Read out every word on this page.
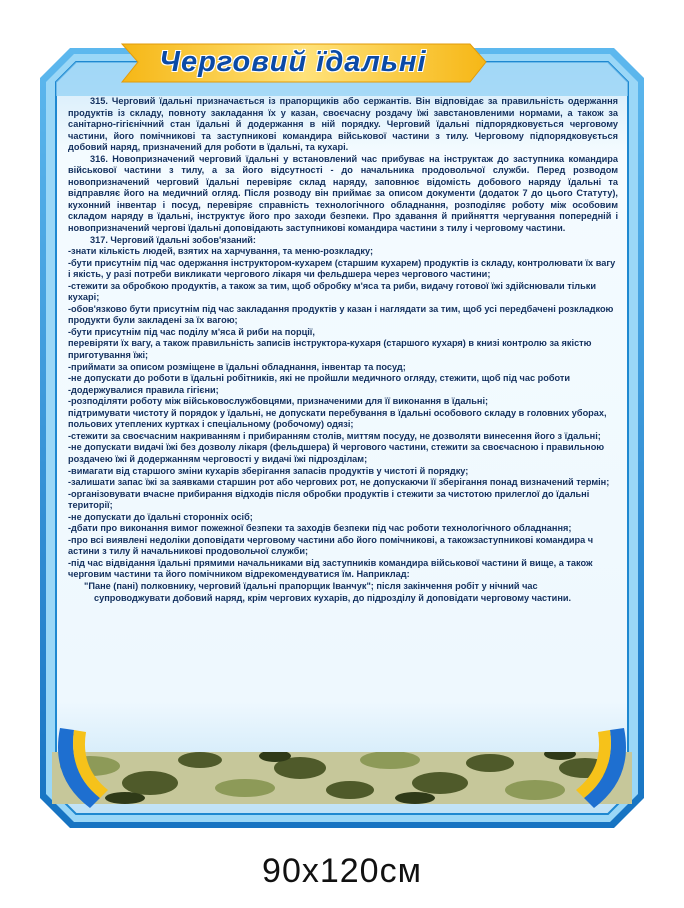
Черговий їдальні

315. Черговий їдальні призначається із прапорщиків або сержантів. Він відповідає за правильність одержання продуктів із складу, повноту закладання їх у казан, своєчасну роздачу їжі завстановленими нормами, а також за санітарно-гігієнічний стан їдальні й додержання в ній порядку. Черговий їдальні підпорядковується черговому частини, його помічникові та заступникові командира військової частини з тилу. Черговому підпорядковується добовий наряд, призначений для роботи в їдальні, та кухарі.

316. Новопризначений черговий їдальні у встановлений час прибуває на інструктаж до заступника командира військової частини з тилу, а за його відсутності - до начальника продовольчої служби. Перед розводом новопризначений черговий їдальні перевіряє склад наряду, заповнює відомість добового наряду їдальні та відправляє його на медичний огляд. Після розводу він приймає за описом документи (додаток 7 до цього Статуту), кухонний інвентар і посуд, перевіряє справність технологічного обладнання, розподіляє роботу між особовим складом наряду в їдальні, інструктує його про заходи безпеки. Про здавання й прийняття чергування попередній і новопризначений чергові їдальні доповідають заступникові командира частини з тилу і черговому частини.

317. Черговий їдальні зобов'язаний:

-знати кількість людей, взятих на харчування, та меню-розкладку;

-бути присутнім під час одержання інструктором-кухарем (старшим кухарем) продуктів із складу, контролювати їх вагу і якість, у разі потреби викликати чергового лікаря чи фельдшера через чергового частини;

-стежити за обробкою продуктів, а також за тим, щоб обробку м'яса та риби, видачу готової їжі здійснювали тільки кухарі;

-обов'язково бути присутнім під час закладання продуктів у казан і наглядати за тим, щоб усі передбачені розкладкою продукти були закладені за їх вагою;

-бути присутнім під час поділу м'яса й риби на порції,

перевіряти їх вагу, а також правильність записів інструктора-кухаря (старшого кухаря) в книзі контролю за якістю приготування їжі;

-приймати за описом розміщене в їдальні обладнання, інвентар та посуд;

-не допускати до роботи в їдальні робітників, які не пройшли медичного огляду, стежити, щоб під час роботи

-додержувалися правила гігієни;

-розподіляти роботу між військовослужбовцями, призначеними для її виконання в їдальні;

підтримувати чистоту й порядок у їдальні, не допускати перебування в їдальні особового складу в головних уборах, польових утеплених куртках і спеціальному (робочому) одязі;

-стежити за своєчасним накриванням і прибиранням столів, миттям посуду, не дозволяти винесення його з їдальні;

-не допускати видачі їжі без дозволу лікаря (фельдшера) й чергового частини, стежити за своєчасною і правильною роздачею їжі й додержанням черговості у видачі їжі підрозділам;

-вимагати від старшого зміни кухарів зберігання запасів продуктів у чистоті й порядку;

-залишати запас їжі за заявками старшин рот або чергових рот, не допускаючи її зберігання понад визначений термін;

-організовувати вчасне прибирання відходів після обробки продуктів і стежити за чистотою прилеглої до їдальні території;

-не допускати до їдальні сторонніх осіб;

-дбати про виконання вимог пожежної безпеки та заходів безпеки під час роботи технологічного обладнання;

-про всі виявлені недоліки доповідати черговому частини або його помічникові, а такожзаступникові командира ч астини з тилу й начальникові продовольчої служби;

-під час відвідання їдальні прямими начальниками від заступників командира військової частини й вище, а також черговим частини та його помічником відрекомендуватися їм. Наприклад:

"Пане (пані) полковнику, черговий їдальні прапорщик Іванчук"; після закінчення робіт у нічний час

супроводжувати добовий наряд, крім чергових кухарів, до підрозділу й доповідати черговому частини.

90х120см
